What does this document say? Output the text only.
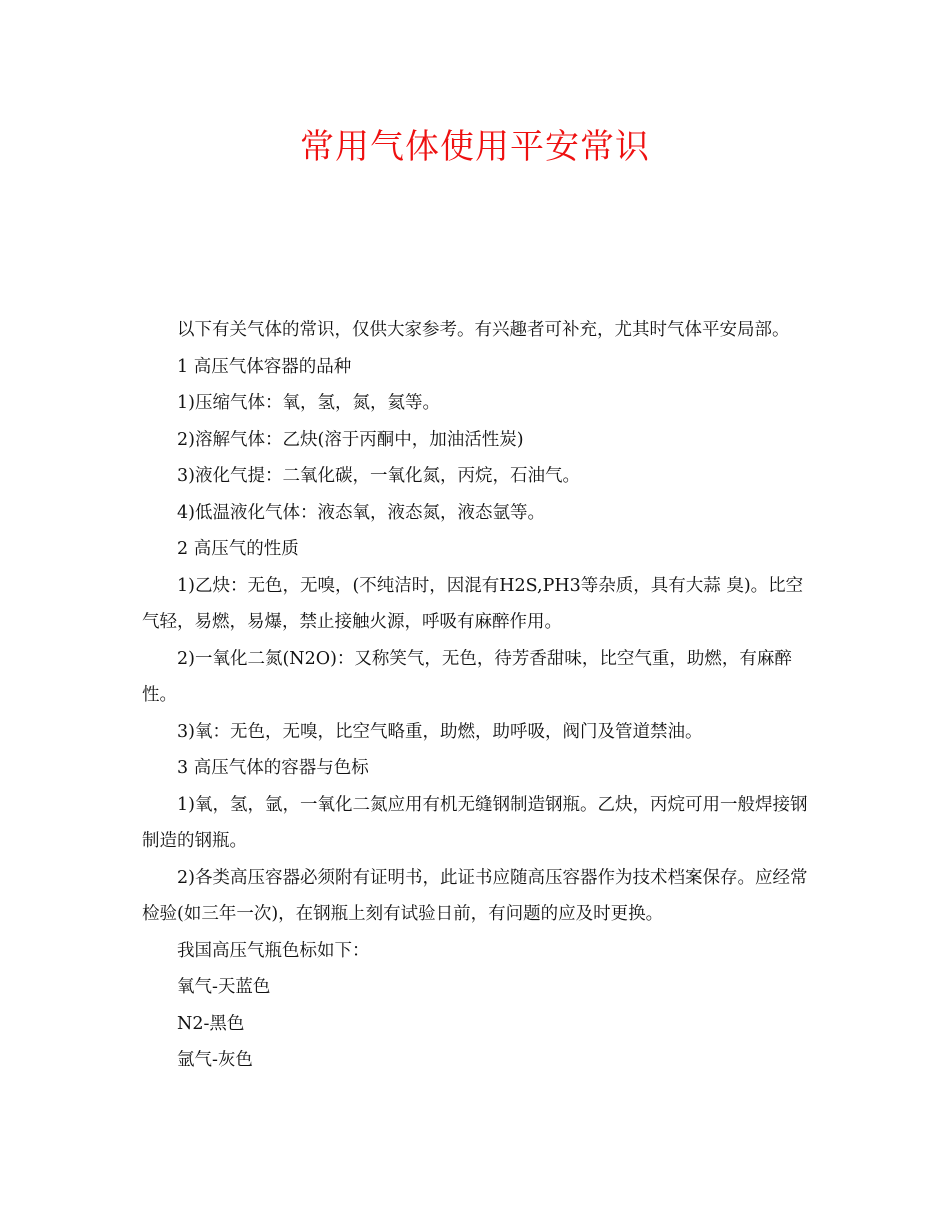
常用气体使用平安常识

以下有关气体的常识，仅供大家参考。有兴趣者可补充，尤其时气体平安局部。

1 高压气体容器的品种

1)压缩气体：氧，氢，氮，氦等。

2)溶解气体：乙炔(溶于丙酮中，加油活性炭)

3)液化气提：二氧化碳，一氧化氮，丙烷，石油气。

4)低温液化气体：液态氧，液态氮，液态氩等。

2 高压气的性质

1)乙炔：无色，无嗅，(不纯洁时，因混有H2S,PH3等杂质，具有大蒜 臭)。比空气轻，易燃，易爆，禁止接触火源，呼吸有麻醉作用。

2)一氧化二氮(N2O)：又称笑气，无色，待芳香甜味，比空气重，助燃，有麻醉性。

3)氧：无色，无嗅，比空气略重，助燃，助呼吸，阀门及管道禁油。

3 高压气体的容器与色标

1)氧，氢，氩，一氧化二氮应用有机无缝钢制造钢瓶。乙炔，丙烷可用一般焊接钢制造的钢瓶。

2)各类高压容器必须附有证明书，此证书应随高压容器作为技术档案保存。应经常检验(如三年一次)，在钢瓶上刻有试验日前，有问题的应及时更换。

我国高压气瓶色标如下：

氧气-天蓝色

N2-黑色

氩气-灰色
